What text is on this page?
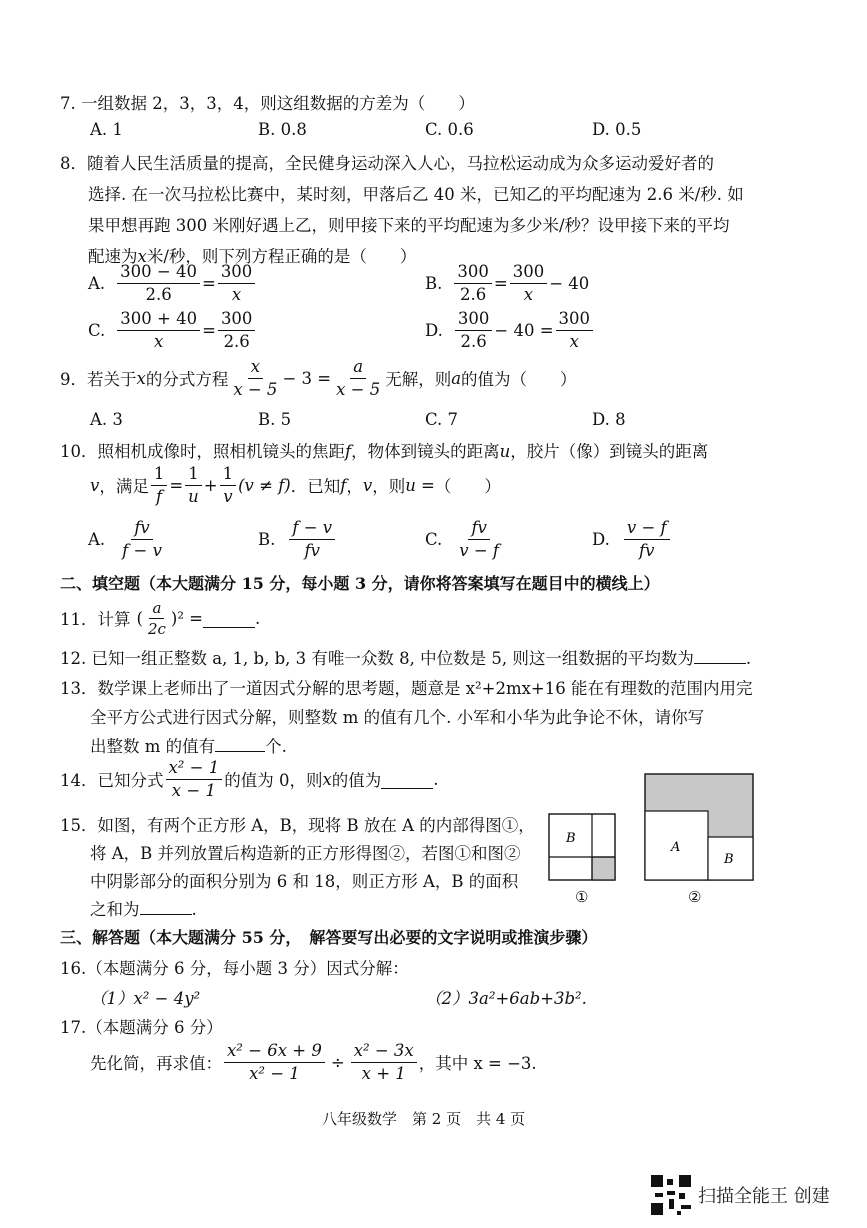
7. 一组数据 2，3，3，4，则这组数据的方差为（　　）
A. 1	B. 0.8	C. 0.6	D. 0.5
8．随着人民生活质量的提高，全民健身运动深入人心，马拉松运动成为众多运动爱好者的
选择. 在一次马拉松比赛中，某时刻，甲落后乙 40 米，已知乙的平均配速为 2.6 米/秒. 如
果甲想再跑 300 米刚好遇上乙，则甲接下来的平均配速为多少米/秒？设甲接下来的平均
配速为x米/秒，则下列方程正确的是（　　）
A. $\frac{300 - 40}{2.6} = \frac{300}{x}$	B. $\frac{300}{2.6} = \frac{300}{x} - 40$
C. $\frac{300 + 40}{x} = \frac{300}{2.6}$	D. $\frac{300}{2.6} - 40 = \frac{300}{x}$
9．若关于 x 的分式方程 $\frac{x}{x - 5} - 3 = \frac{a}{x - 5}$ 无解，则 a 的值为（　　）
A. 3	B. 5	C. 7	D. 8
10．照相机成像时，照相机镜头的焦距f，物体到镜头的距离u，胶片（像）到镜头的距离
v ，满足 $\frac{1}{f} = \frac{1}{u} + \frac{1}{v} (v \ne f)$ ．已知 f ， v ，则 u = （　　）
A. $\frac{fv}{f - v}$	B. $\frac{f - v}{fv}$	C. $\frac{fv}{v - f}$	D. $\frac{v - f}{fv}$
二、填空题（本大题满分 15 分，每小题 3 分，请你将答案填写在题目中的横线上）
11．计算 ( $\frac{a}{2c} )^2$ =	.
12. 已知一组正整数 a, 1, b, b, 3 有唯一众数 8, 中位数是 5, 则这一组数据的平均数为	.
13．数学课上老师出了一道因式分解的思考题，题意是 x²+2mx+16 能在有理数的范围内用完
全平方公式进行因式分解，则整数 m 的值有几个. 小军和小华为此争论不休，请你写
出整数 m 的值有	个.
14．已知分式 $\frac{\text{x² − 1}}{x - 1}$ 的值为 0，则 x 的值为	.
15．如图，有两个正方形 A，B，现将 B 放在 A 的内部得图①，
将 A，B 并列放置后构造新的正方形得图②，若图①和图②
中阴影部分的面积分别为 6 和 18，则正方形 A，B 的面积
之和为	.
B
①
A
B
②
三、解答题（本大题满分 55 分，　解答要写出必要的文字说明或推演步骤）
16.（本题满分 6 分，每小题 3 分）因式分解：
（1）x² − 4y²	（2）3a²+6ab+3b².
17.（本题满分 6 分）
先化简，再求值： $\frac{\text{x² − 6x + 9}}{\text{x² − 1}} \div \frac{\text{x² − 3x}}{x + 1}$ ，其中 x = −3.
八年级数学　第 2 页　共 4 页
扫描全能王 创建
